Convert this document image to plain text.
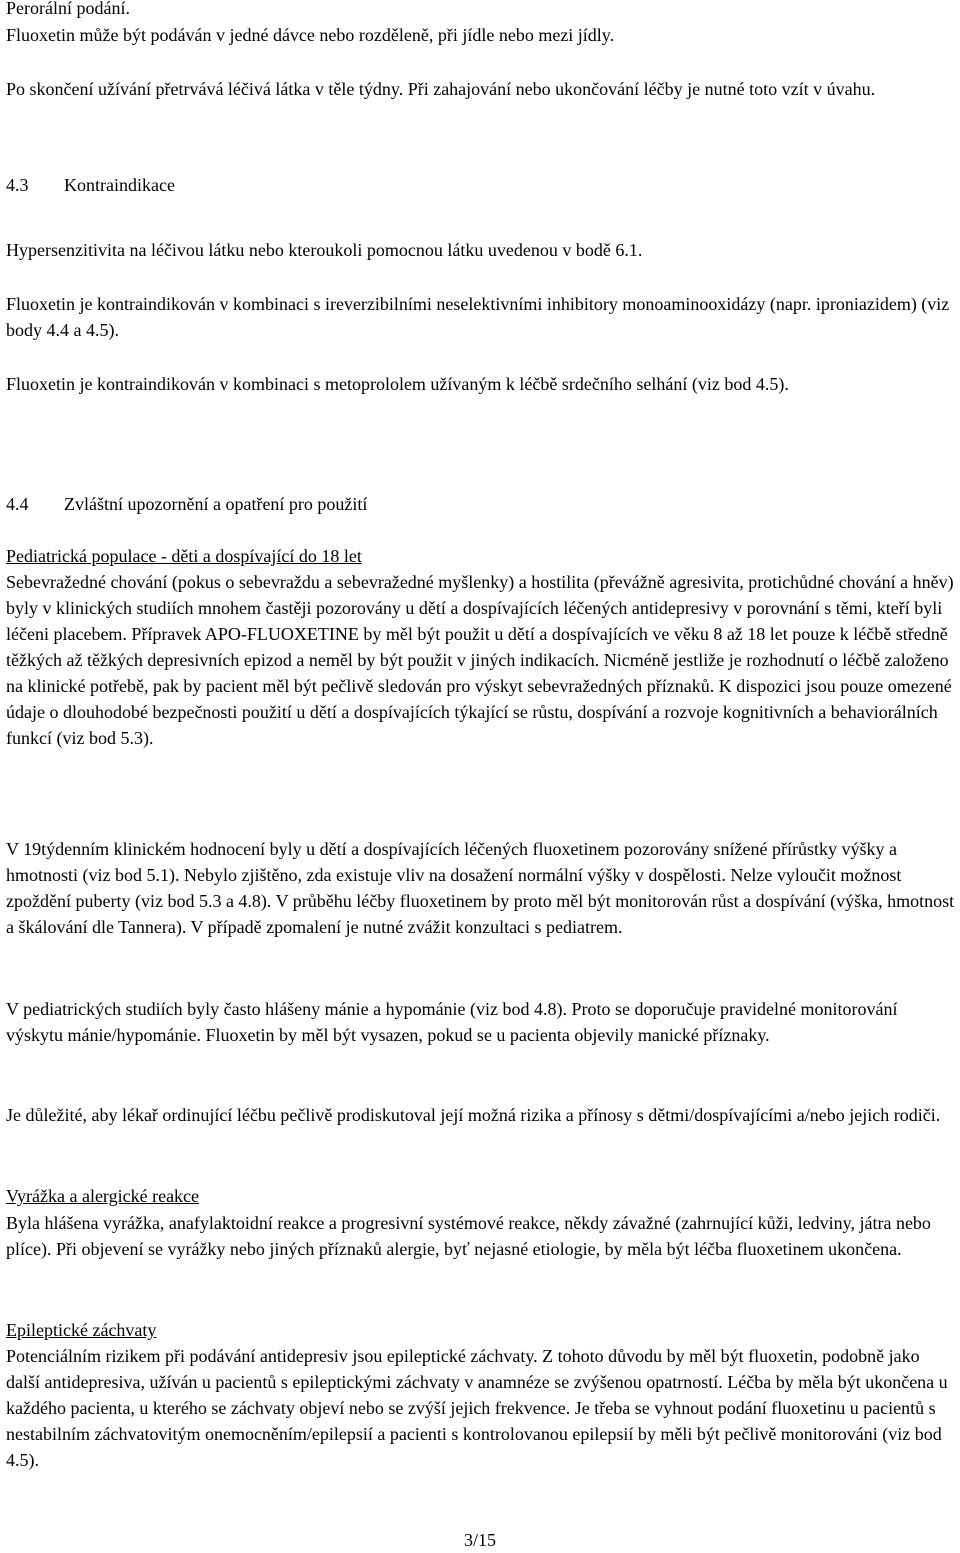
Perorální podání.

Fluoxetin může být podáván v jedné dávce nebo rozděleně, při jídle nebo mezi jídly.

Po skončení užívání přetrvává léčivá látka v těle týdny. Při zahajování nebo ukončování léčby je nutné toto vzít v úvahu.

4.3	Kontraindikace

Hypersenzitivita na léčivou látku nebo kteroukoli pomocnou látku uvedenou v bodě 6.1.

Fluoxetin je kontraindikován v kombinaci s ireverzibilními neselektivními inhibitory monoaminooxidázy (napr. iproniazidem) (viz body 4.4 a 4.5).

Fluoxetin je kontraindikován v kombinaci s metoprololem užívaným k léčbě srdečního selhání (viz bod 4.5).

4.4	Zvláštní upozornění a opatření pro použití

Pediatrická populace - děti a dospívající do 18 let

Sebevražedné chování (pokus o sebevraždu a sebevražedné myšlenky) a hostilita (převážně agresivita, protichůdné chování a hněv) byly v klinických studiích mnohem častěji pozorovány u dětí a dospívajících léčených antidepresivy v porovnání s těmi, kteří byli léčeni placebem. Přípravek APO-FLUOXETINE by měl být použit u dětí a dospívajících ve věku 8 až 18 let pouze k léčbě středně těžkých až těžkých depresivních epizod a neměl by být použit v jiných indikacích. Nicméně jestliže je rozhodnutí o léčbě založeno na klinické potřebě, pak by pacient měl být pečlivě sledován pro výskyt sebevražedných příznaků. K dispozici jsou pouze omezené údaje o dlouhodobé bezpečnosti použití u dětí a dospívajících týkající se růstu, dospívání a rozvoje kognitivních a behaviorálních funkcí (viz bod 5.3).

V 19týdenním klinickém hodnocení byly u dětí a dospívajících léčených fluoxetinem pozorovány snížené přírůstky výšky a hmotnosti (viz bod 5.1). Nebylo zjištěno, zda existuje vliv na dosažení normální výšky v dospělosti. Nelze vyloučit možnost zpoždění puberty (viz bod 5.3 a 4.8). V průběhu léčby fluoxetinem by proto měl být monitorován růst a dospívání (výška, hmotnost a škálování dle Tannera). V případě zpomalení je nutné zvážit konzultaci s pediatrem.

V pediatrických studiích byly často hlášeny mánie a hypománie (viz bod 4.8). Proto se doporučuje pravidelné monitorování výskytu mánie/hypománie. Fluoxetin by měl být vysazen, pokud se u pacienta objevily manické příznaky.

Je důležité, aby lékař ordinující léčbu pečlivě prodiskutoval její možná rizika a přínosy s dětmi/dospívajícími a/nebo jejich rodiči.

Vyrážka a alergické reakce

Byla hlášena vyrážka, anafylaktoidní reakce a progresivní systémové reakce, někdy závažné (zahrnující kůži, ledviny, játra nebo plíce). Při objevení se vyrážky nebo jiných příznaků alergie, byť nejasné etiologie, by měla být léčba fluoxetinem ukončena.

Epileptické záchvaty

Potenciálním rizikem při podávání antidepresiv jsou epileptické záchvaty. Z tohoto důvodu by měl být fluoxetin, podobně jako další antidepresiva, užíván u pacientů s epileptickými záchvaty v anamnéze se zvýšenou opatrností. Léčba by měla být ukončena u každého pacienta, u kterého se záchvaty objeví nebo se zvýší jejich frekvence. Je třeba se vyhnout podání fluoxetinu u pacientů s nestabilním záchvatovitým onemocněním/epilepsií a pacienti s kontrolovanou epilepsií by měli být pečlivě monitorováni (viz bod 4.5).

3/15
